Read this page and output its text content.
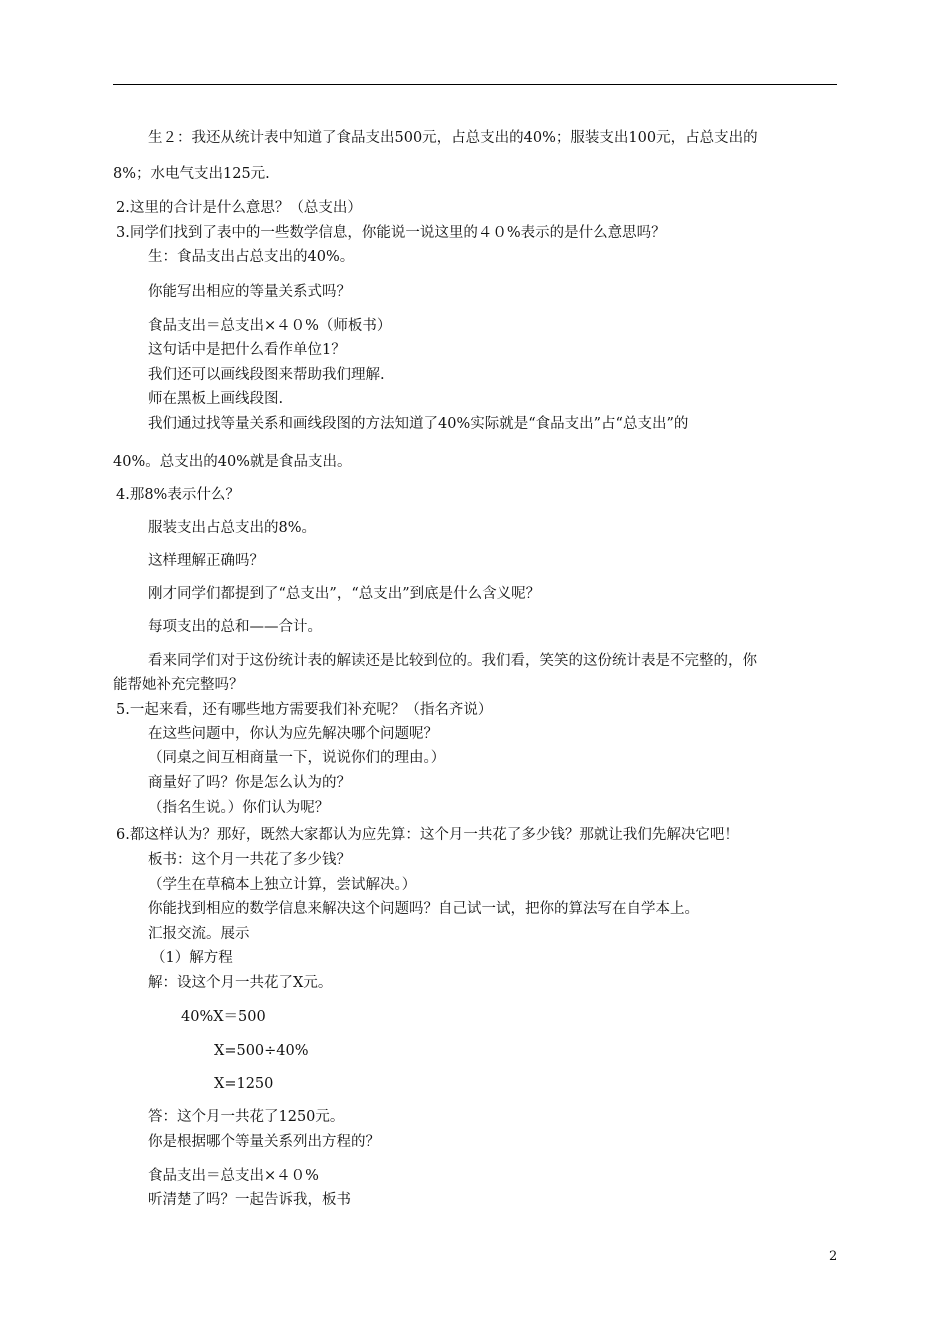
生２：我还从统计表中知道了食品支出500元，占总支出的40%；服装支出100元，占总支出的
8%；水电气支出125元.
2.这里的合计是什么意思？（总支出）
3.同学们找到了表中的一些数学信息，你能说一说这里的４０%表示的是什么意思吗？
生：食品支出占总支出的40%。
你能写出相应的等量关系式吗？
食品支出＝总支出×４０%（师板书）
这句话中是把什么看作单位1？
我们还可以画线段图来帮助我们理解.
师在黑板上画线段图.
我们通过找等量关系和画线段图的方法知道了40%实际就是“食品支出”占“总支出”的
40%。总支出的40%就是食品支出。
4.那8%表示什么？
服装支出占总支出的8%。
这样理解正确吗？
刚才同学们都提到了“总支出”，“总支出”到底是什么含义呢？
每项支出的总和——合计。
看来同学们对于这份统计表的解读还是比较到位的。我们看，笑笑的这份统计表是不完整的，你
能帮她补充完整吗？
5.一起来看，还有哪些地方需要我们补充呢？（指名齐说）
在这些问题中，你认为应先解决哪个问题呢？
（同桌之间互相商量一下，说说你们的理由。）
商量好了吗？你是怎么认为的？
（指名生说。）你们认为呢？
6.都这样认为？那好，既然大家都认为应先算：这个月一共花了多少钱？那就让我们先解决它吧！
板书：这个月一共花了多少钱？
（学生在草稿本上独立计算，尝试解决。）
你能找到相应的数学信息来解决这个问题吗？自己试一试，把你的算法写在自学本上。
汇报交流。展示
（1）解方程
解：设这个月一共花了X元。
40%X＝500
X=500÷40%
X=1250
答：这个月一共花了1250元。
你是根据哪个等量关系列出方程的？
食品支出＝总支出×４０%
听清楚了吗？一起告诉我，板书
2
